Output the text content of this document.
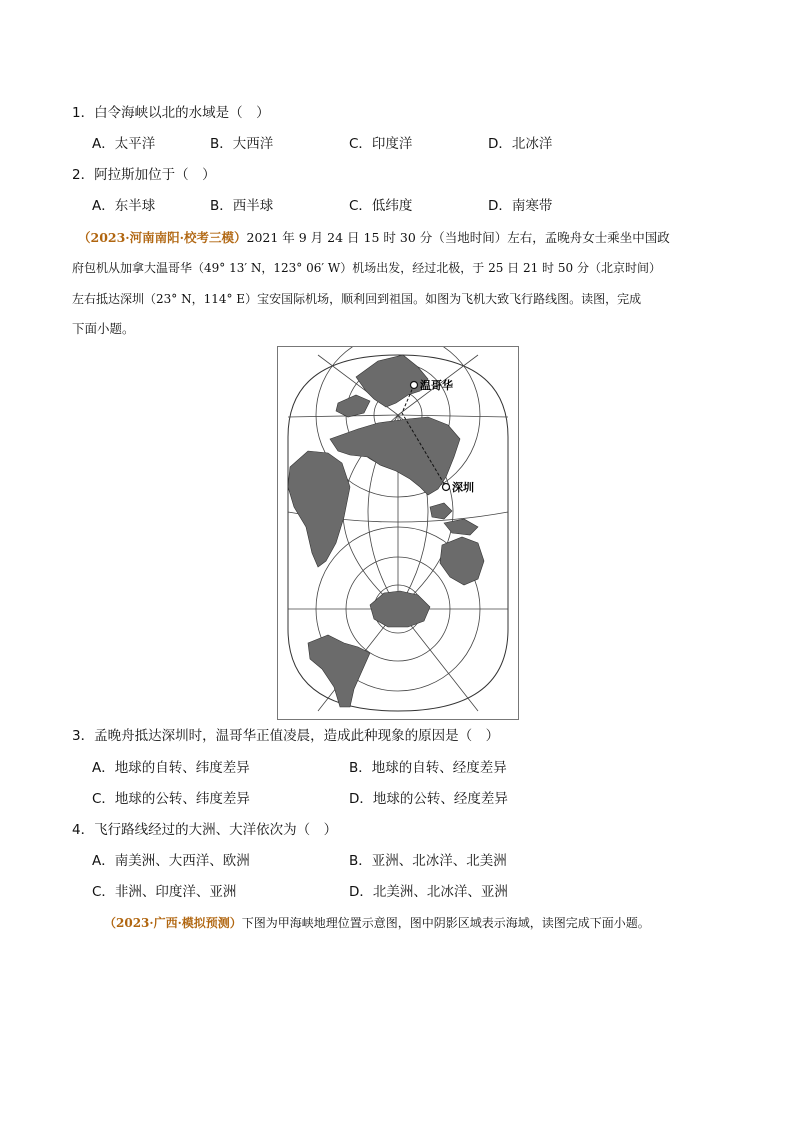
1．白令海峡以北的水域是（　）
A．太平洋	B．大西洋	C．印度洋	D．北冰洋
2．阿拉斯加位于（　）
A．东半球	B．西半球	C．低纬度	D．南寒带
（2023·河南南阳·校考三模）2021 年 9 月 24 日 15 时 30 分（当地时间）左右，孟晚舟女士乘坐中国政
府包机从加拿大温哥华（49° 13′ N，123° 06′ W）机场出发，经过北极，于 25 日 21 时 50 分（北京时间）
左右抵达深圳（23° N，114° E）宝安国际机场，顺利回到祖国。如图为飞机大致飞行路线图。读图，完成
下面小题。
温哥华
深圳
3．孟晚舟抵达深圳时，温哥华正值凌晨，造成此种现象的原因是（　）
A．地球的自转、纬度差异	B．地球的自转、经度差异
C．地球的公转、纬度差异	D．地球的公转、经度差异
4．飞行路线经过的大洲、大洋依次为（　）
A．南美洲、大西洋、欧洲	B．亚洲、北冰洋、北美洲
C．非洲、印度洋、亚洲	D．北美洲、北冰洋、亚洲
（2023·广西·模拟预测）下图为甲海峡地理位置示意图，图中阴影区域表示海域，读图完成下面小题。
